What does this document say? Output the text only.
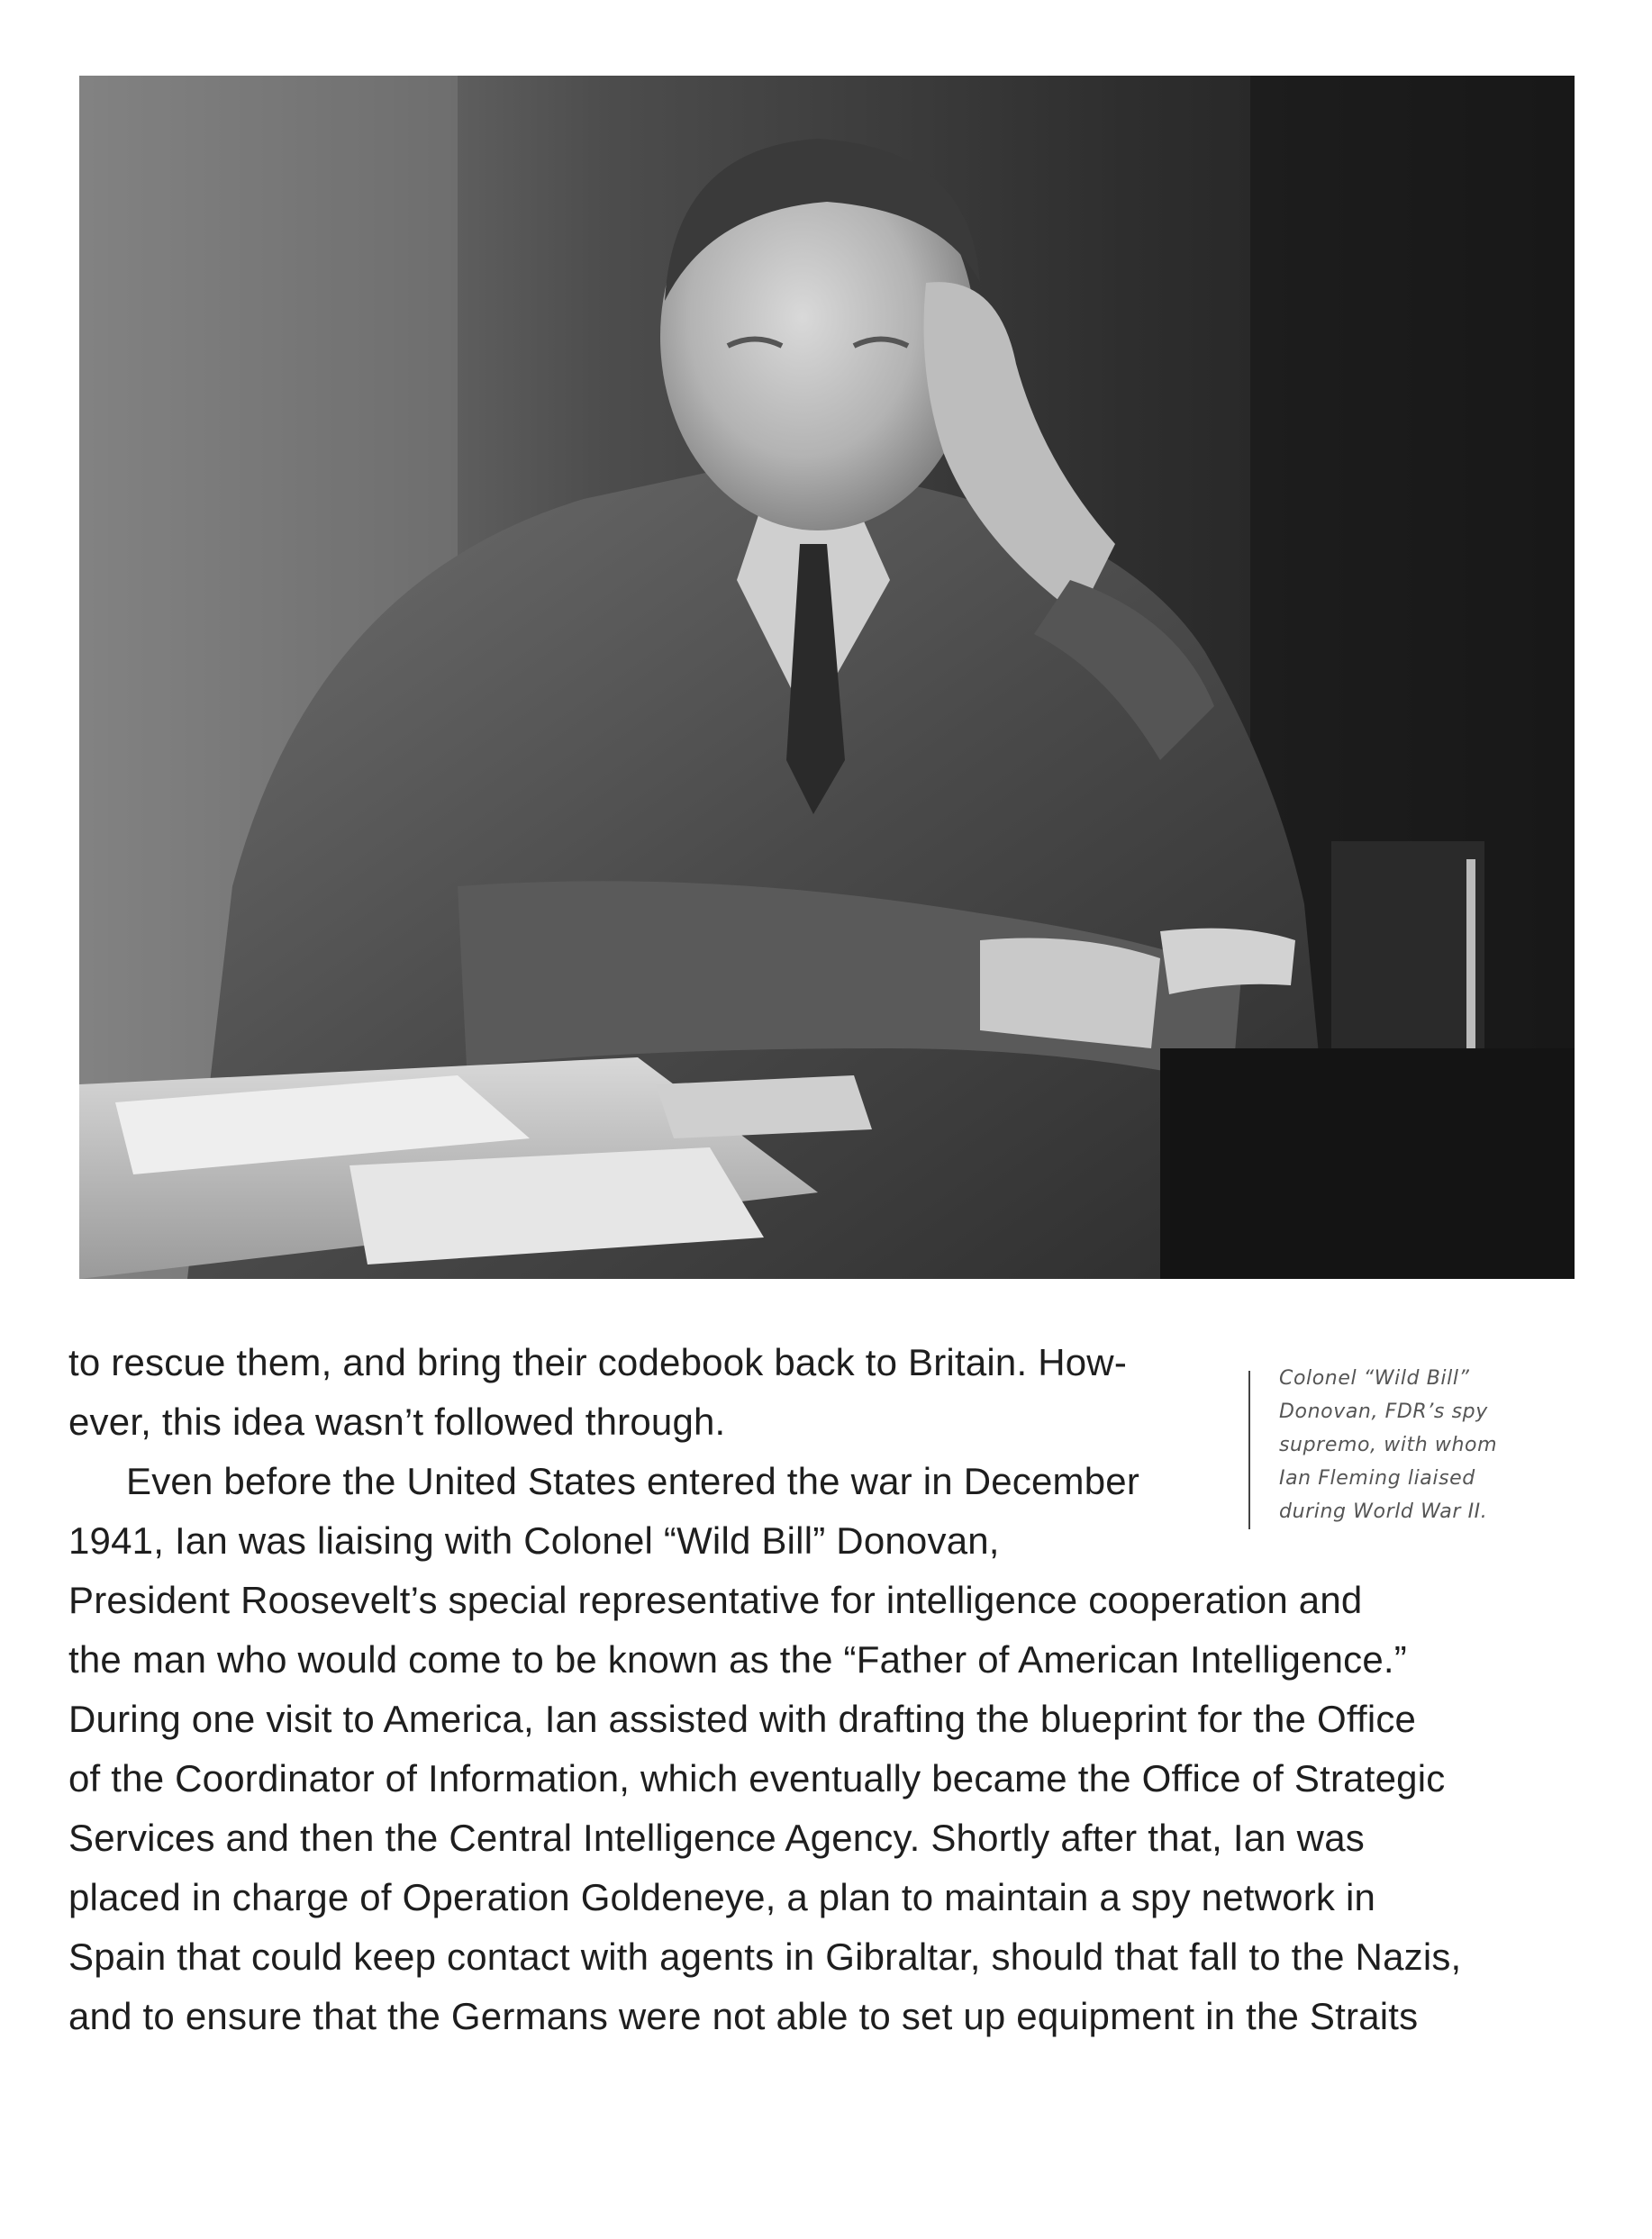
Colonel “Wild Bill”
Donovan, FDR’s spy
supremo, with whom
Ian Fleming liaised
during World War II.
to rescue them, and bring their codebook back to Britain. How-
ever, this idea wasn’t followed through.
Even before the United States entered the war in December
1941, Ian was liaising with Colonel “Wild Bill” Donovan,
President Roosevelt’s special representative for intelligence cooperation and
the man who would come to be known as the “Father of American Intelligence.”
During one visit to America, Ian assisted with drafting the blueprint for the Office
of the Coordinator of Information, which eventually became the Office of Strategic
Services and then the Central Intelligence Agency. Shortly after that, Ian was
placed in charge of Operation Goldeneye, a plan to maintain a spy network in
Spain that could keep contact with agents in Gibraltar, should that fall to the Nazis,
and to ensure that the Germans were not able to set up equipment in the Straits
